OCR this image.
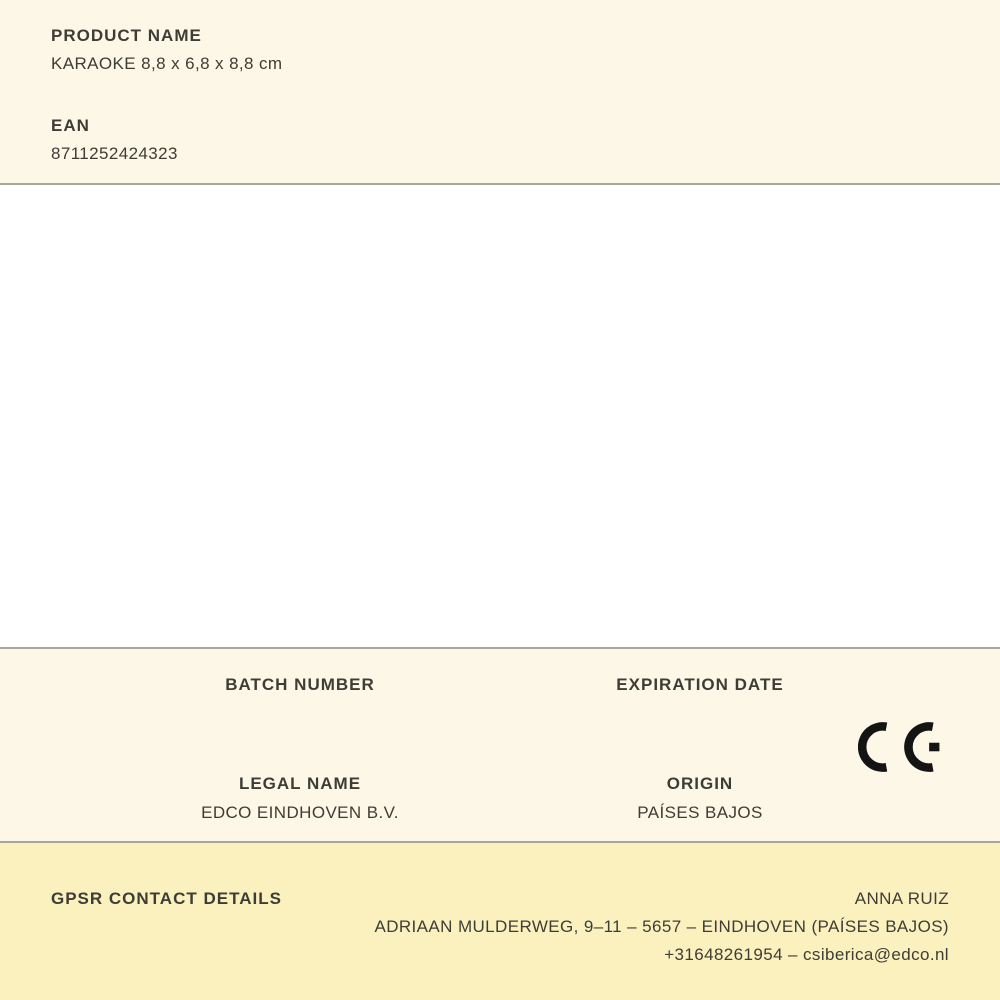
PRODUCT NAME
KARAOKE 8,8 x 6,8 x 8,8 cm
EAN
8711252424323
BATCH NUMBER	EXPIRATION DATE
LEGAL NAME
EDCO EINDHOVEN B.V.
ORIGIN
PAÍSES BAJOS
GPSR CONTACT DETAILS	ANNA RUIZ
ADRIAAN MULDERWEG, 9–11 – 5657 – EINDHOVEN (PAÍSES BAJOS)
+31648261954 – csiberica@edco.nl
